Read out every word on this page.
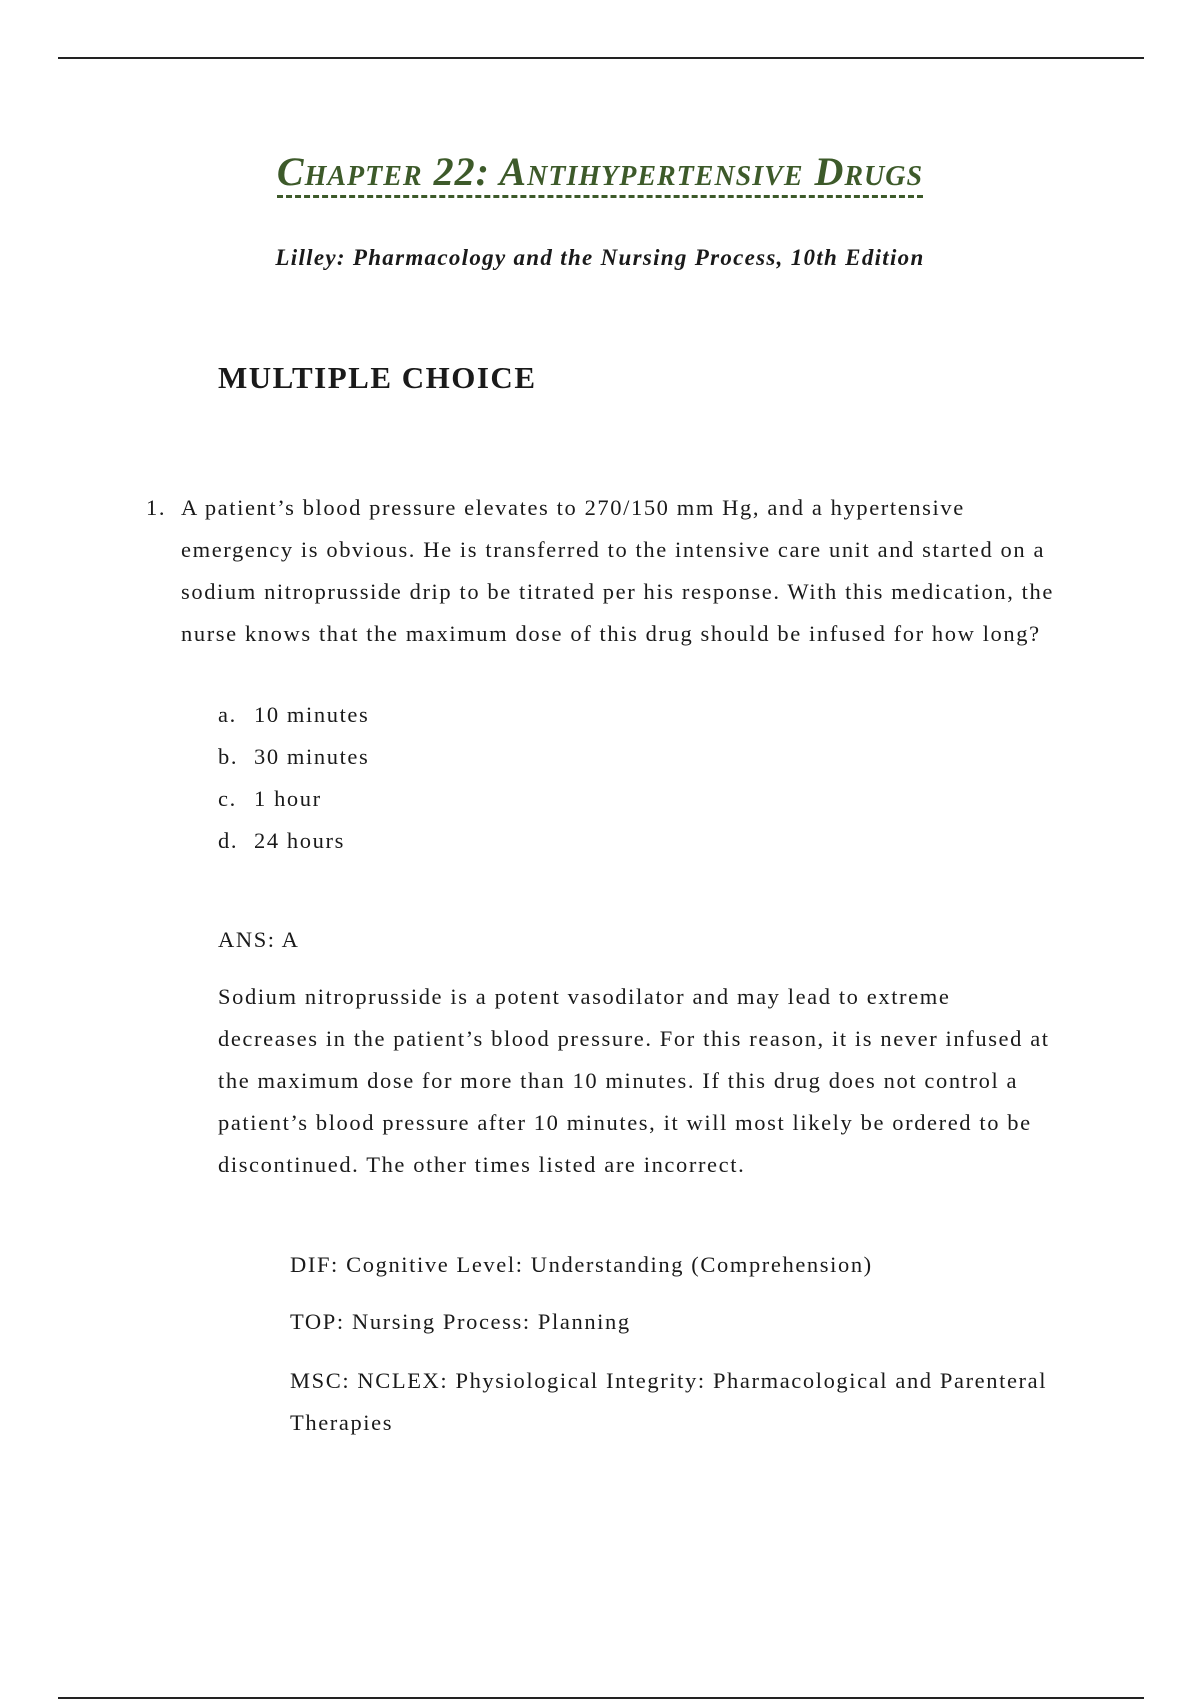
Chapter 22: Antihypertensive Drugs
Lilley: Pharmacology and the Nursing Process, 10th Edition
MULTIPLE CHOICE
1. A patient’s blood pressure elevates to 270/150 mm Hg, and a hypertensive emergency is obvious. He is transferred to the intensive care unit and started on a sodium nitroprusside drip to be titrated per his response. With this medication, the nurse knows that the maximum dose of this drug should be infused for how long?

a. 10 minutes
b. 30 minutes
c. 1 hour
d. 24 hours
ANS: A

Sodium nitroprusside is a potent vasodilator and may lead to extreme decreases in the patient’s blood pressure. For this reason, it is never infused at the maximum dose for more than 10 minutes. If this drug does not control a patient’s blood pressure after 10 minutes, it will most likely be ordered to be discontinued. The other times listed are incorrect.

DIF: Cognitive Level: Understanding (Comprehension)

TOP: Nursing Process: Planning

MSC: NCLEX: Physiological Integrity: Pharmacological and Parenteral Therapies
